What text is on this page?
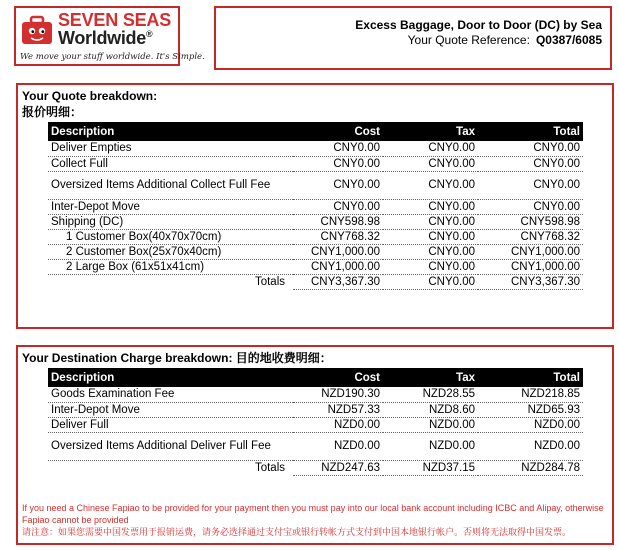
SEVEN SEAS
Worldwide®
We move your stuff worldwide. It's Simple.
Excess Baggage, Door to Door (DC) by Sea
Your Quote Reference: Q0387/6085
Your Quote breakdown:
报价明细：
Description	Cost	Tax	Total
Deliver Empties	CNY0.00	CNY0.00	CNY0.00
Collect Full	CNY0.00	CNY0.00	CNY0.00
Oversized Items Additional Collect Full Fee	CNY0.00	CNY0.00	CNY0.00
Inter-Depot Move	CNY0.00	CNY0.00	CNY0.00
Shipping (DC)	CNY598.98	CNY0.00	CNY598.98
1 Customer Box(40x70x70cm)	CNY768.32	CNY0.00	CNY768.32
2 Customer Box(25x70x40cm)	CNY1,000.00	CNY0.00	CNY1,000.00
2 Large Box (61x51x41cm)	CNY1,000.00	CNY0.00	CNY1,000.00
Totals	CNY3,367.30	CNY0.00	CNY3,367.30
Your Destination Charge breakdown: 目的地收费明细：
Description	Cost	Tax	Total
Goods Examination Fee	NZD190.30	NZD28.55	NZD218.85
Inter-Depot Move	NZD57.33	NZD8.60	NZD65.93
Deliver Full	NZD0.00	NZD0.00	NZD0.00
Oversized Items Additional Deliver Full Fee	NZD0.00	NZD0.00	NZD0.00
Totals	NZD247.63	NZD37.15	NZD284.78
If you need a Chinese Fapiao to be provided for your payment then you must pay into our local bank account including ICBC and Alipay, otherwise Fapiao cannot be provided
请注意：如果您需要中国发票用于报销运费，请务必选择通过支付宝或银行转帐方式支付到中国本地银行帐户。否则将无法取得中国发票。
